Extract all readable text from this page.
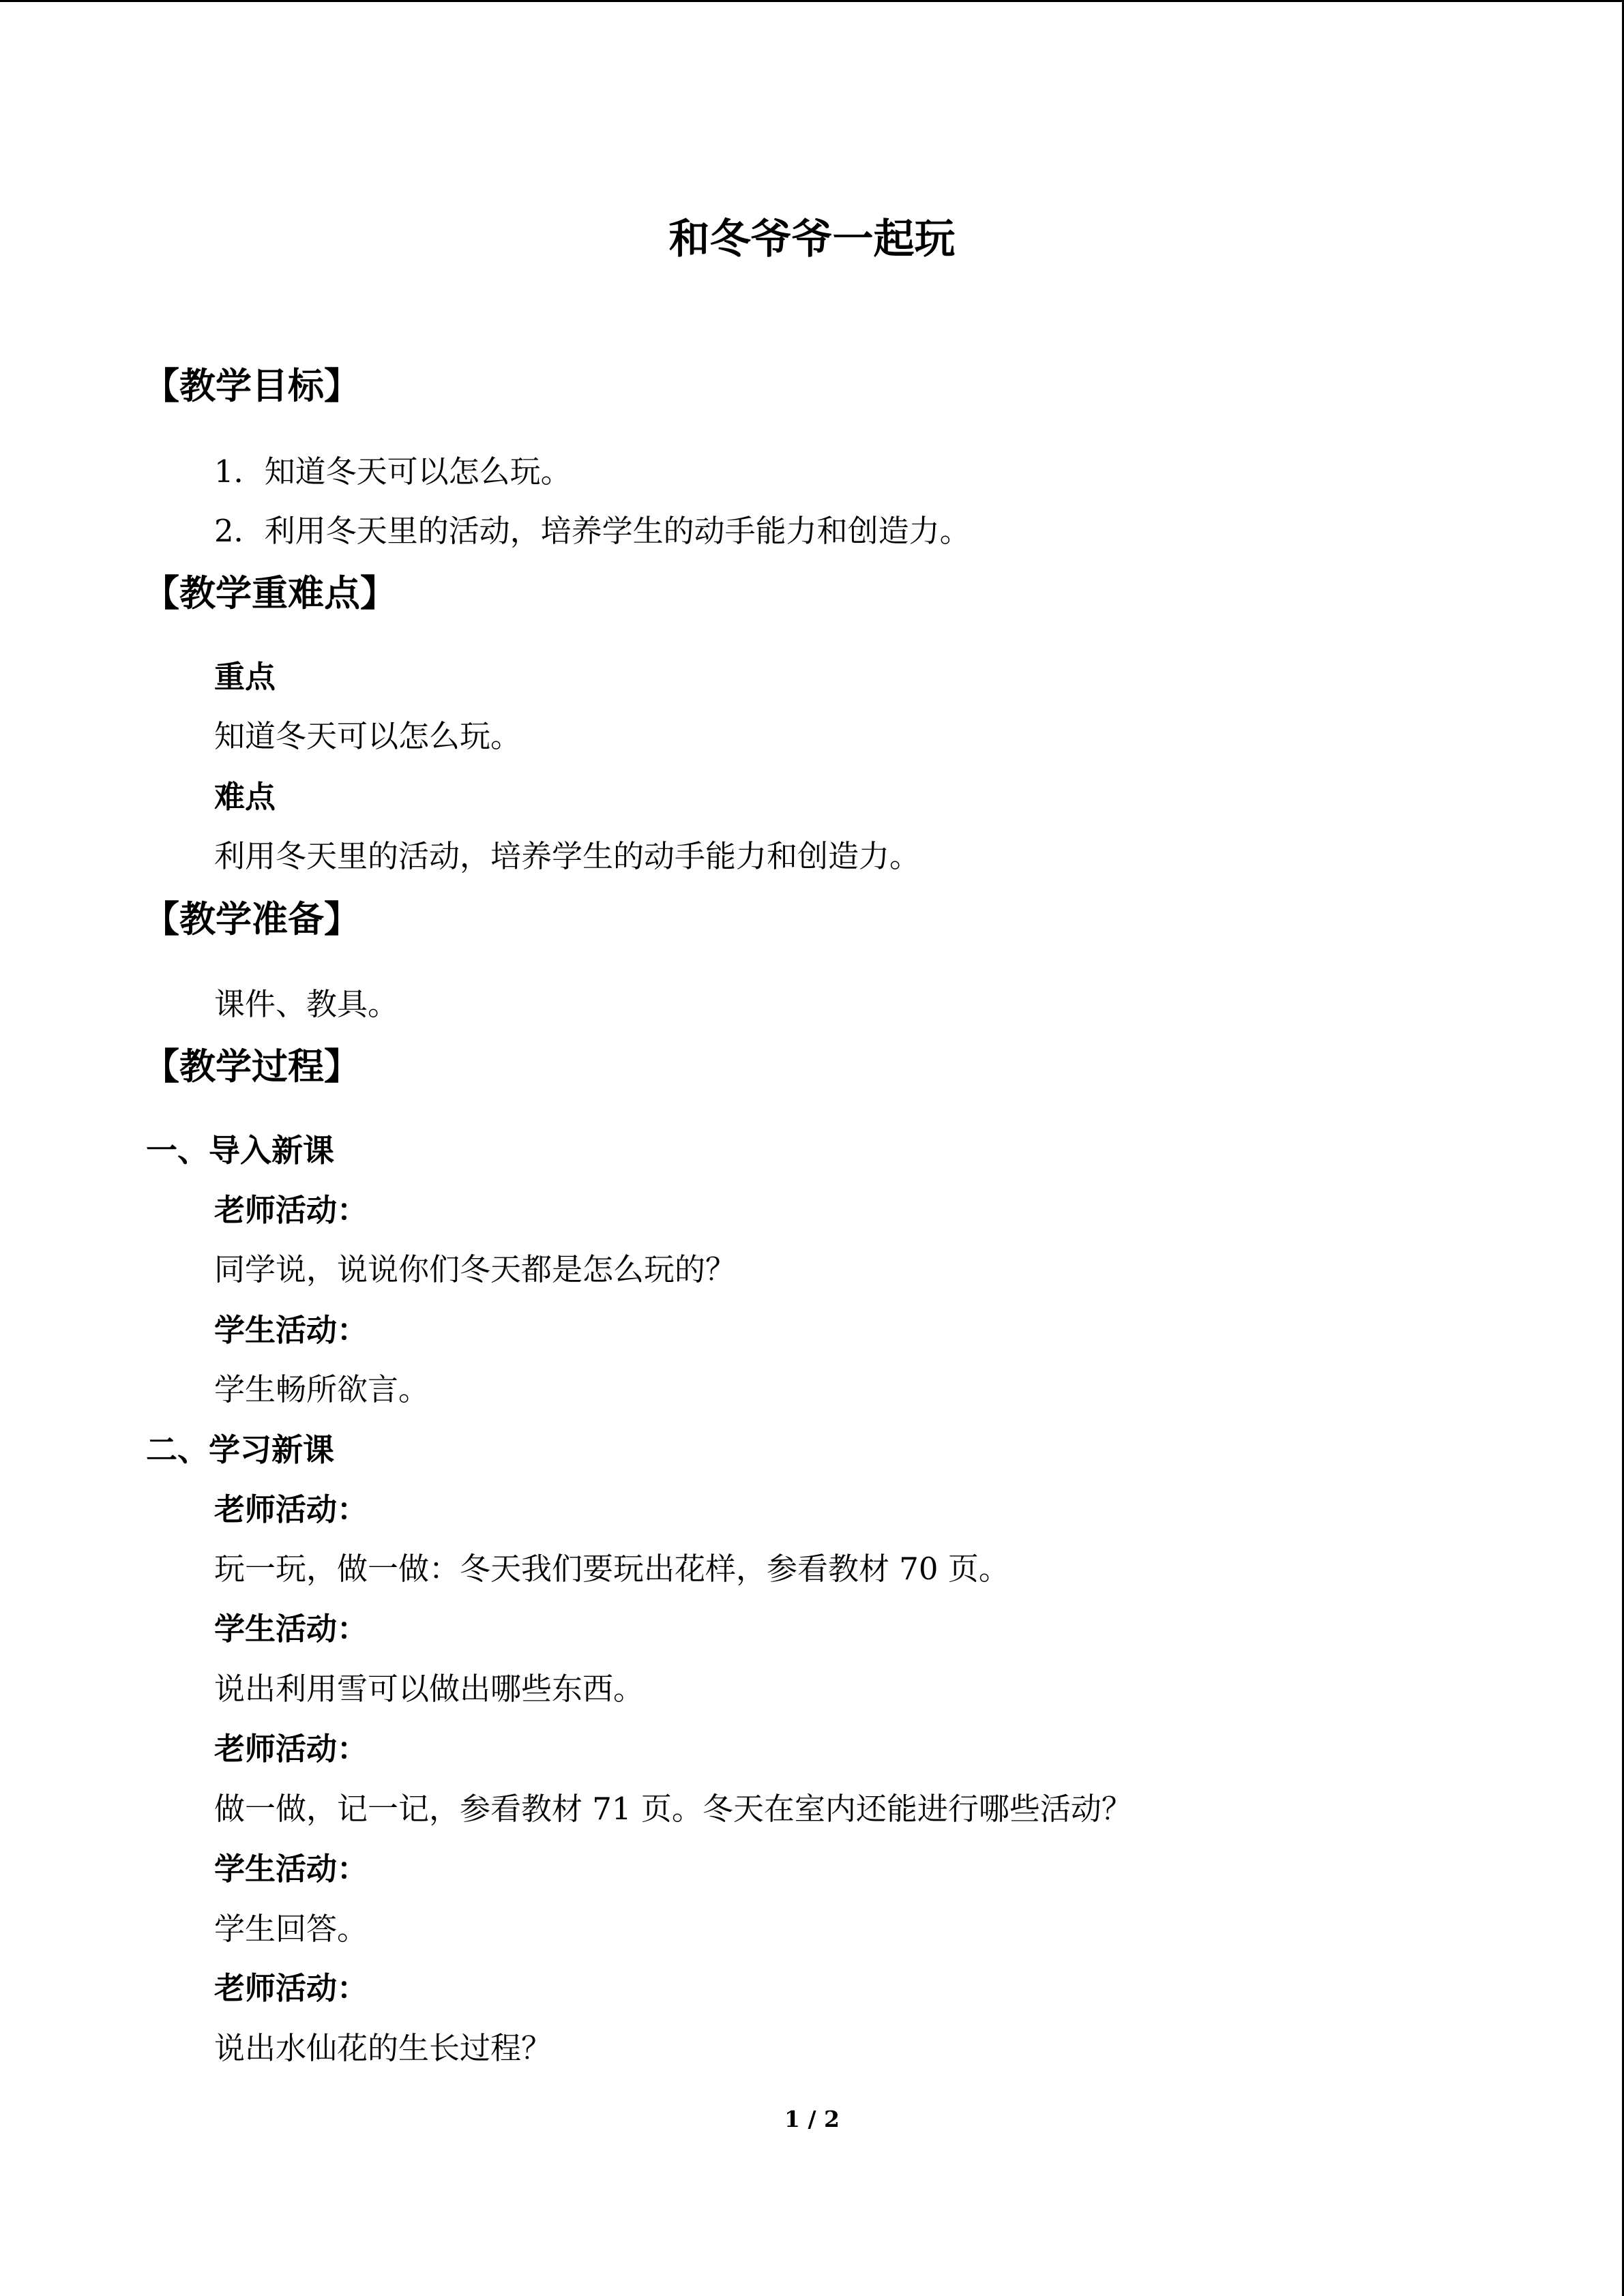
和冬爷爷一起玩
【教学目标】
1．知道冬天可以怎么玩。
2．利用冬天里的活动，培养学生的动手能力和创造力。
【教学重难点】
重点
知道冬天可以怎么玩。
难点
利用冬天里的活动，培养学生的动手能力和创造力。
【教学准备】
课件、教具。
【教学过程】
一、导入新课
老师活动：
同学说，说说你们冬天都是怎么玩的？
学生活动：
学生畅所欲言。
二、学习新课
老师活动：
玩一玩，做一做：冬天我们要玩出花样，参看教材 70 页。
学生活动：
说出利用雪可以做出哪些东西。
老师活动：
做一做，记一记，参看教材 71 页。冬天在室内还能进行哪些活动？
学生活动：
学生回答。
老师活动：
说出水仙花的生长过程？
1 / 2
